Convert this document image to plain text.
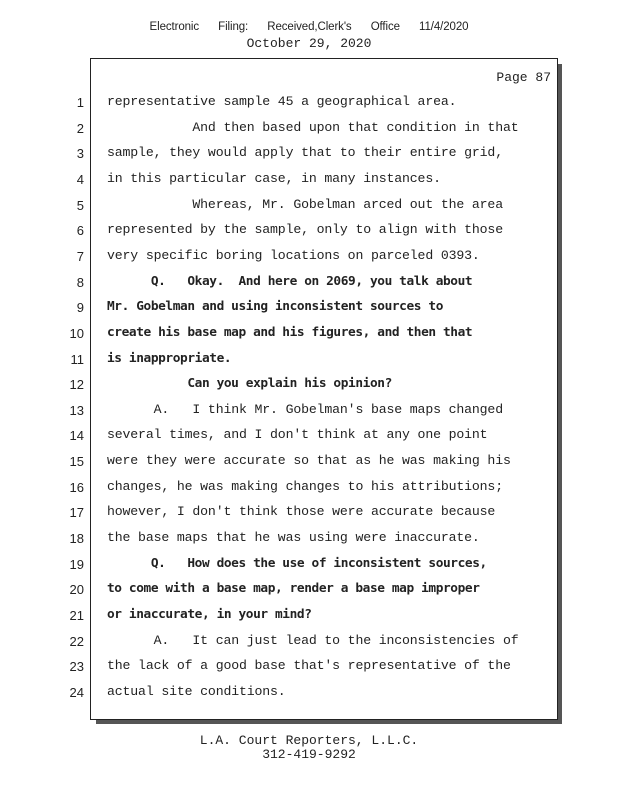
Electronic Filing: Received,Clerk's Office 11/4/2020
October 29, 2020
Page 87
1 representative sample 45 a geographical area.
2 And then based upon that condition in that
3 sample, they would apply that to their entire grid,
4 in this particular case, in many instances.
5 Whereas, Mr. Gobelman arced out the area
6 represented by the sample, only to align with those
7 very specific boring locations on parceled 0393.
8 Q.   Okay.  And here on 2069, you talk about
9 Mr. Gobelman and using inconsistent sources to
10 create his base map and his figures, and then that
11 is inappropriate.
12 Can you explain his opinion?
13 A.   I think Mr. Gobelman's base maps changed
14 several times, and I don't think at any one point
15 were they were accurate so that as he was making his
16 changes, he was making changes to his attributions;
17 however, I don't think those were accurate because
18 the base maps that he was using were inaccurate.
19 Q.   How does the use of inconsistent sources,
20 to come with a base map, render a base map improper
21 or inaccurate, in your mind?
22 A.   It can just lead to the inconsistencies of
23 the lack of a good base that's representative of the
24 actual site conditions.
L.A. Court Reporters, L.L.C.
312-419-9292
